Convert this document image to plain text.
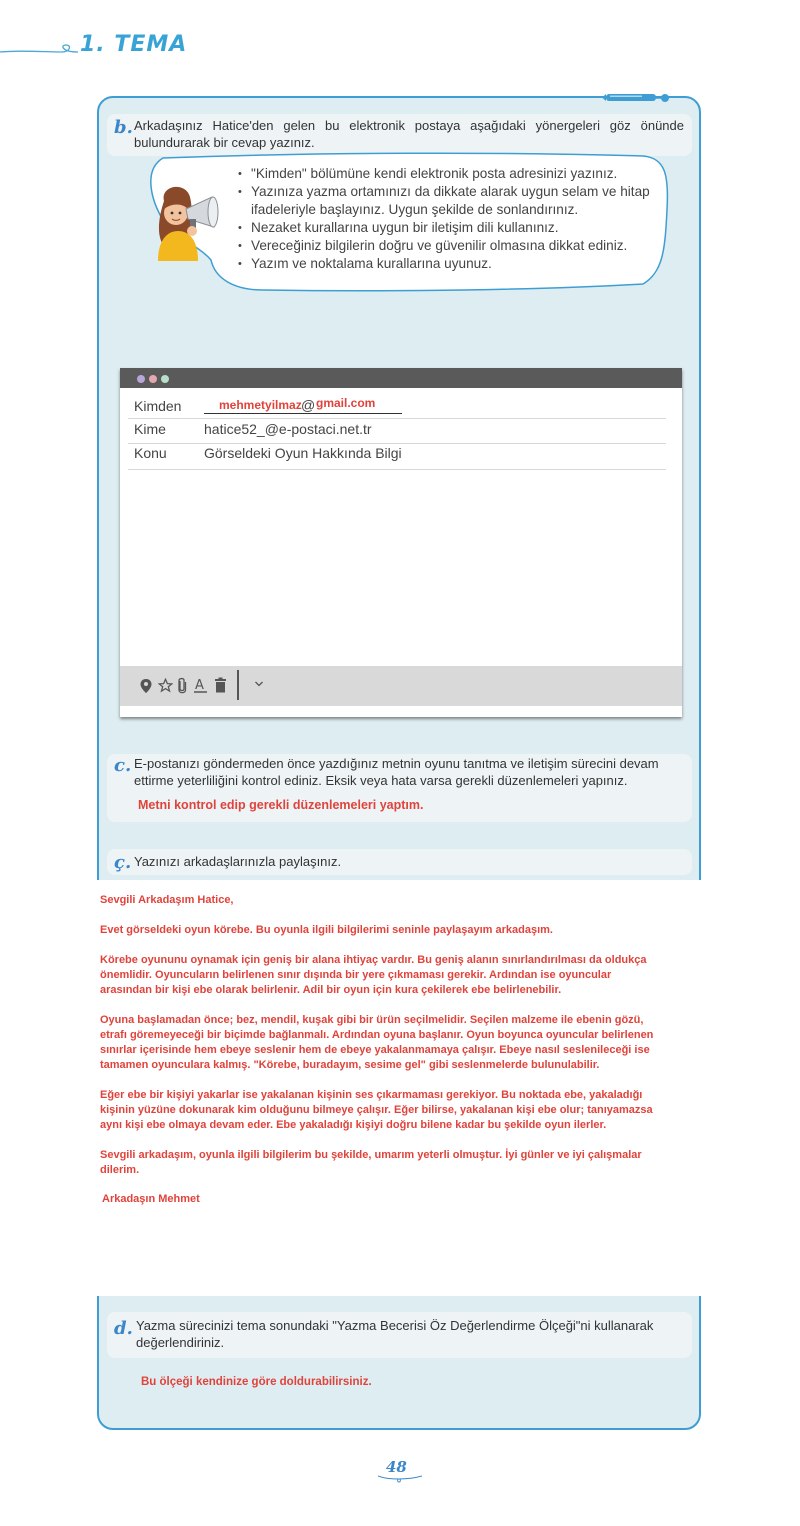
1. TEMA
b. Arkadaşınız Hatice'den gelen bu elektronik postaya aşağıdaki yönergeleri göz önünde bulundurarak bir cevap yazınız.
• "Kimden" bölümüne kendi elektronik posta adresinizi yazınız.
• Yazınıza yazma ortamınızı da dikkate alarak uygun selam ve hitap ifadeleriyle başlayınız. Uygun şekilde de sonlandırınız.
• Nezaket kurallarına uygun bir iletişim dili kullanınız.
• Vereceğiniz bilgilerin doğru ve güvenilir olmasına dikkat ediniz.
• Yazım ve noktalama kurallarına uyunuz.
Kimden	mehmetyilmaz @ gmail.com
Kime	hatice52_@e-postaci.net.tr
Konu	Görseldeki Oyun Hakkında Bilgi
A
c. E-postanızı göndermeden önce yazdığınız metnin oyunu tanıtma ve iletişim sürecini devam ettirme yeterliliğini kontrol ediniz. Eksik veya hata varsa gerekli düzenlemeleri yapınız.
Metni kontrol edip gerekli düzenlemeleri yaptım.
ç. Yazınızı arkadaşlarınızla paylaşınız.

Sevgili Arkadaşım Hatice,

Evet görseldeki oyun körebe. Bu oyunla ilgili bilgilerimi seninle paylaşayım arkadaşım.

Körebe oyununu oynamak için geniş bir alana ihtiyaç vardır. Bu geniş alanın sınırlandırılması da oldukça önemlidir. Oyuncuların belirlenen sınır dışında bir yere çıkmaması gerekir. Ardından ise oyuncular arasından bir kişi ebe olarak belirlenir. Adil bir oyun için kura çekilerek ebe belirlenebilir.

Oyuna başlamadan önce; bez, mendil, kuşak gibi bir ürün seçilmelidir. Seçilen malzeme ile ebenin gözü, etrafı göremeyeceği bir biçimde bağlanmalı. Ardından oyuna başlanır. Oyun boyunca oyuncular belirlenen sınırlar içerisinde hem ebeye seslenir hem de ebeye yakalanmamaya çalışır. Ebeye nasıl seslenileceği ise tamamen oyunculara kalmış. "Körebe, buradayım, sesime gel" gibi seslenmelerde bulunulabilir.

Eğer ebe bir kişiyi yakarlar ise yakalanan kişinin ses çıkarmaması gerekiyor. Bu noktada ebe, yakaladığı kişinin yüzüne dokunarak kim olduğunu bilmeye çalışır. Eğer bilirse, yakalanan kişi ebe olur; tanıyamazsa aynı kişi ebe olmaya devam eder. Ebe yakaladığı kişiyi doğru bilene kadar bu şekilde oyun ilerler.

Sevgili arkadaşım, oyunla ilgili bilgilerim bu şekilde, umarım yeterli olmuştur. İyi günler ve iyi çalışmalar dilerim.

Arkadaşın Mehmet

d. Yazma sürecinizi tema sonundaki "Yazma Becerisi Öz Değerlendirme Ölçeği"ni kullanarak değerlendiriniz.
Bu ölçeği kendinize göre doldurabilirsiniz.
48
